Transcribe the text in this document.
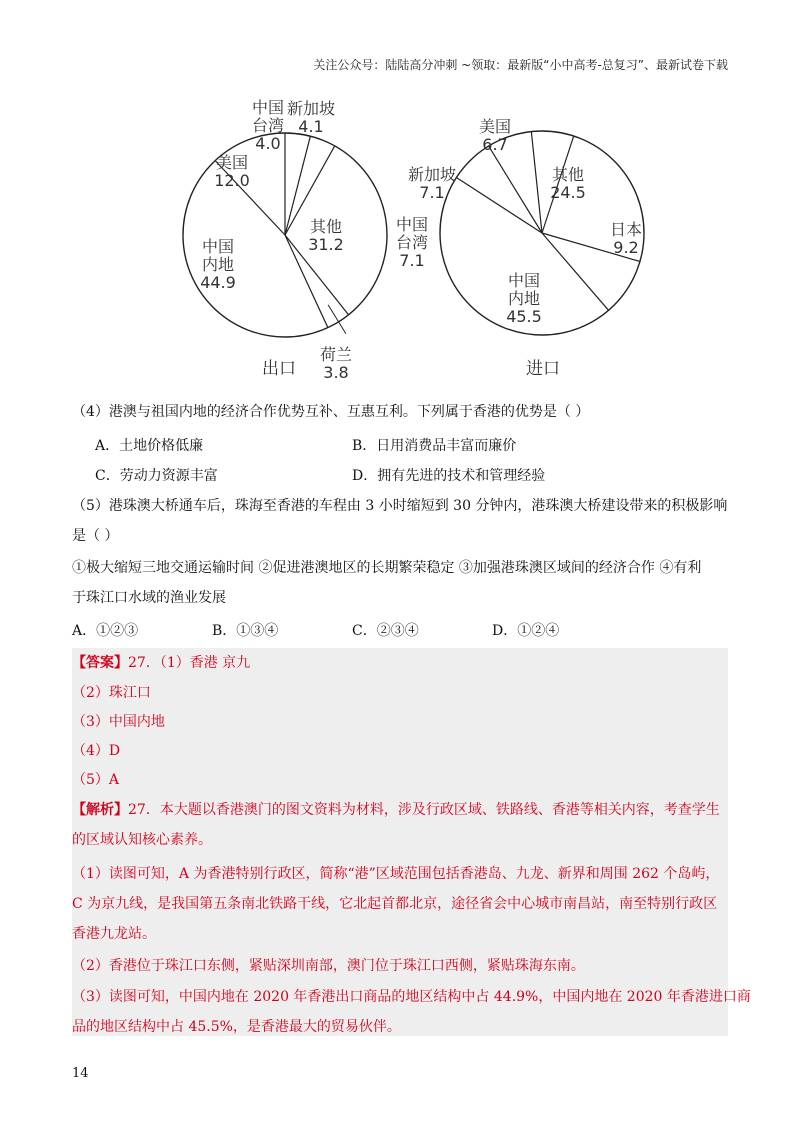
关注公众号：陆陆高分冲刺 ~领取：最新版“小中高考-总复习”、最新试卷下载
中国台湾 4.0
新加坡 4.1
其他 31.2
荷兰 3.8
中国内地 44.9
美国 12.0
美国 6.7
其他 24.5
日本 9.2
中国内地 45.5
中国台湾 7.1
新加坡 7.1
出口	进口
（4）港澳与祖国内地的经济合作优势互补、互惠互利。下列属于香港的优势是（ ）
A．土地价格低廉	B．日用消费品丰富而廉价
C．劳动力资源丰富	D．拥有先进的技术和管理经验
（5）港珠澳大桥通车后，珠海至香港的车程由 3 小时缩短到 30 分钟内，港珠澳大桥建设带来的积极影响
是（ ）
①极大缩短三地交通运输时间 ②促进港澳地区的长期繁荣稳定 ③加强港珠澳区域间的经济合作 ④有利
于珠江口水域的渔业发展
A．①②③	B．①③④	C．②③④	D．①②④
【答案】27．（1）香港 京九
（2）珠江口
（3）中国内地
（4）D
（5）A
【解析】27．本大题以香港澳门的图文资料为材料，涉及行政区域、铁路线、香港等相关内容，考查学生
的区域认知核心素养。
（1）读图可知，A 为香港特别行政区，简称“港”区域范围包括香港岛、九龙、新界和周围 262 个岛屿，
C 为京九线，是我国第五条南北铁路干线，它北起首都北京，途径省会中心城市南昌站，南至特别行政区
香港九龙站。
（2）香港位于珠江口东侧，紧贴深圳南部，澳门位于珠江口西侧，紧贴珠海东南。
（3）读图可知，中国内地在 2020 年香港出口商品的地区结构中占 44.9%，中国内地在 2020 年香港进口商
品的地区结构中占 45.5%，是香港最大的贸易伙伴。
14
